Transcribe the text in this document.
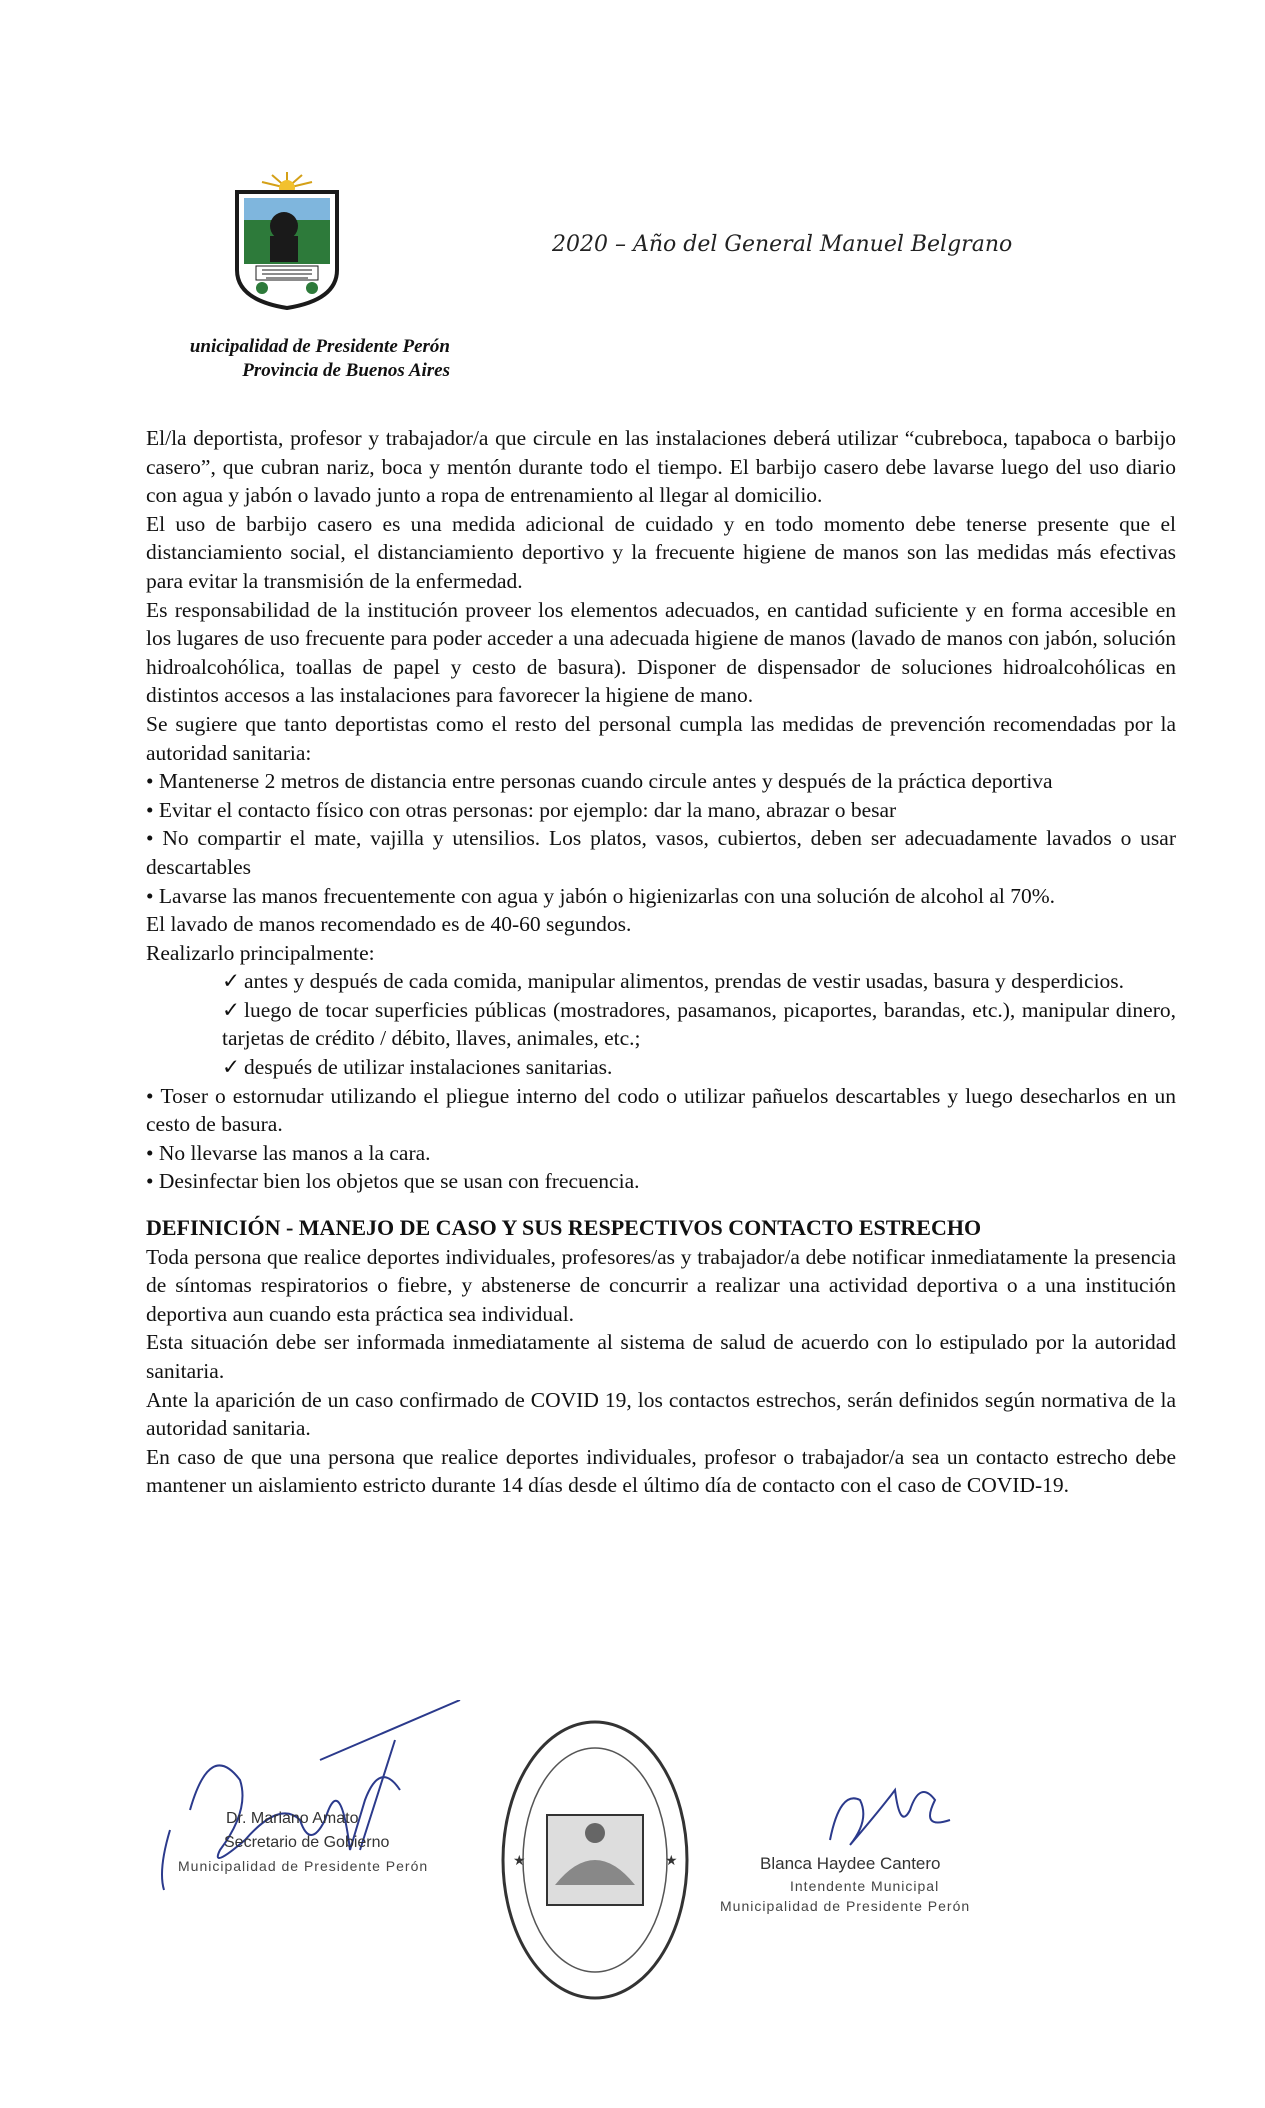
2020 – Año del General Manuel Belgrano
unicipalidad de Presidente Perón
Provincia de Buenos Aires

El/la deportista, profesor y trabajador/a que circule en las instalaciones deberá utilizar “cubreboca, tapaboca o barbijo casero”, que cubran nariz, boca y mentón durante todo el tiempo. El barbijo casero debe lavarse luego del uso diario con agua y jabón o lavado junto a ropa de entrenamiento al llegar al domicilio.

El uso de barbijo casero es una medida adicional de cuidado y en todo momento debe tenerse presente que el distanciamiento social, el distanciamiento deportivo y la frecuente higiene de manos son las medidas más efectivas para evitar la transmisión de la enfermedad.

Es responsabilidad de la institución proveer los elementos adecuados, en cantidad suficiente y en forma accesible en los lugares de uso frecuente para poder acceder a una adecuada higiene de manos (lavado de manos con jabón, solución hidroalcohólica, toallas de papel y cesto de basura). Disponer de dispensador de soluciones hidroalcohólicas en distintos accesos a las instalaciones para favorecer la higiene de mano.

Se sugiere que tanto deportistas como el resto del personal cumpla las medidas de prevención recomendadas por la autoridad sanitaria:

• Mantenerse 2 metros de distancia entre personas cuando circule antes y después de la práctica deportiva

• Evitar el contacto físico con otras personas: por ejemplo: dar la mano, abrazar o besar

• No compartir el mate, vajilla y utensilios. Los platos, vasos, cubiertos, deben ser adecuadamente lavados o usar descartables

• Lavarse las manos frecuentemente con agua y jabón o higienizarlas con una solución de alcohol al 70%.

El lavado de manos recomendado es de 40-60 segundos.

Realizarlo principalmente:

✓ antes y después de cada comida, manipular alimentos, prendas de vestir usadas, basura y desperdicios.

✓ luego de tocar superficies públicas (mostradores, pasamanos, picaportes, barandas, etc.), manipular dinero, tarjetas de crédito / débito, llaves, animales, etc.;

✓ después de utilizar instalaciones sanitarias.

• Toser o estornudar utilizando el pliegue interno del codo o utilizar pañuelos descartables y luego desecharlos en un cesto de basura.

• No llevarse las manos a la cara.

• Desinfectar bien los objetos que se usan con frecuencia.

DEFINICIÓN - MANEJO DE CASO Y SUS RESPECTIVOS CONTACTO ESTRECHO

Toda persona que realice deportes individuales, profesores/as y trabajador/a debe notificar inmediatamente la presencia de síntomas respiratorios o fiebre, y abstenerse de concurrir a realizar una actividad deportiva o a una institución deportiva aun cuando esta práctica sea individual.

Esta situación debe ser informada inmediatamente al sistema de salud de acuerdo con lo estipulado por la autoridad sanitaria.

Ante la aparición de un caso confirmado de COVID 19, los contactos estrechos, serán definidos según normativa de la autoridad sanitaria.

En caso de que una persona que realice deportes individuales, profesor o trabajador/a sea un contacto estrecho debe mantener un aislamiento estricto durante 14 días desde el último día de contacto con el caso de COVID-19.

Dr. Mariano Amato
Secretario de Gobierno
Municipalidad de Presidente Perón	★	★	Blanca Haydee Cantero
Intendente Municipal
Municipalidad de Presidente Perón
